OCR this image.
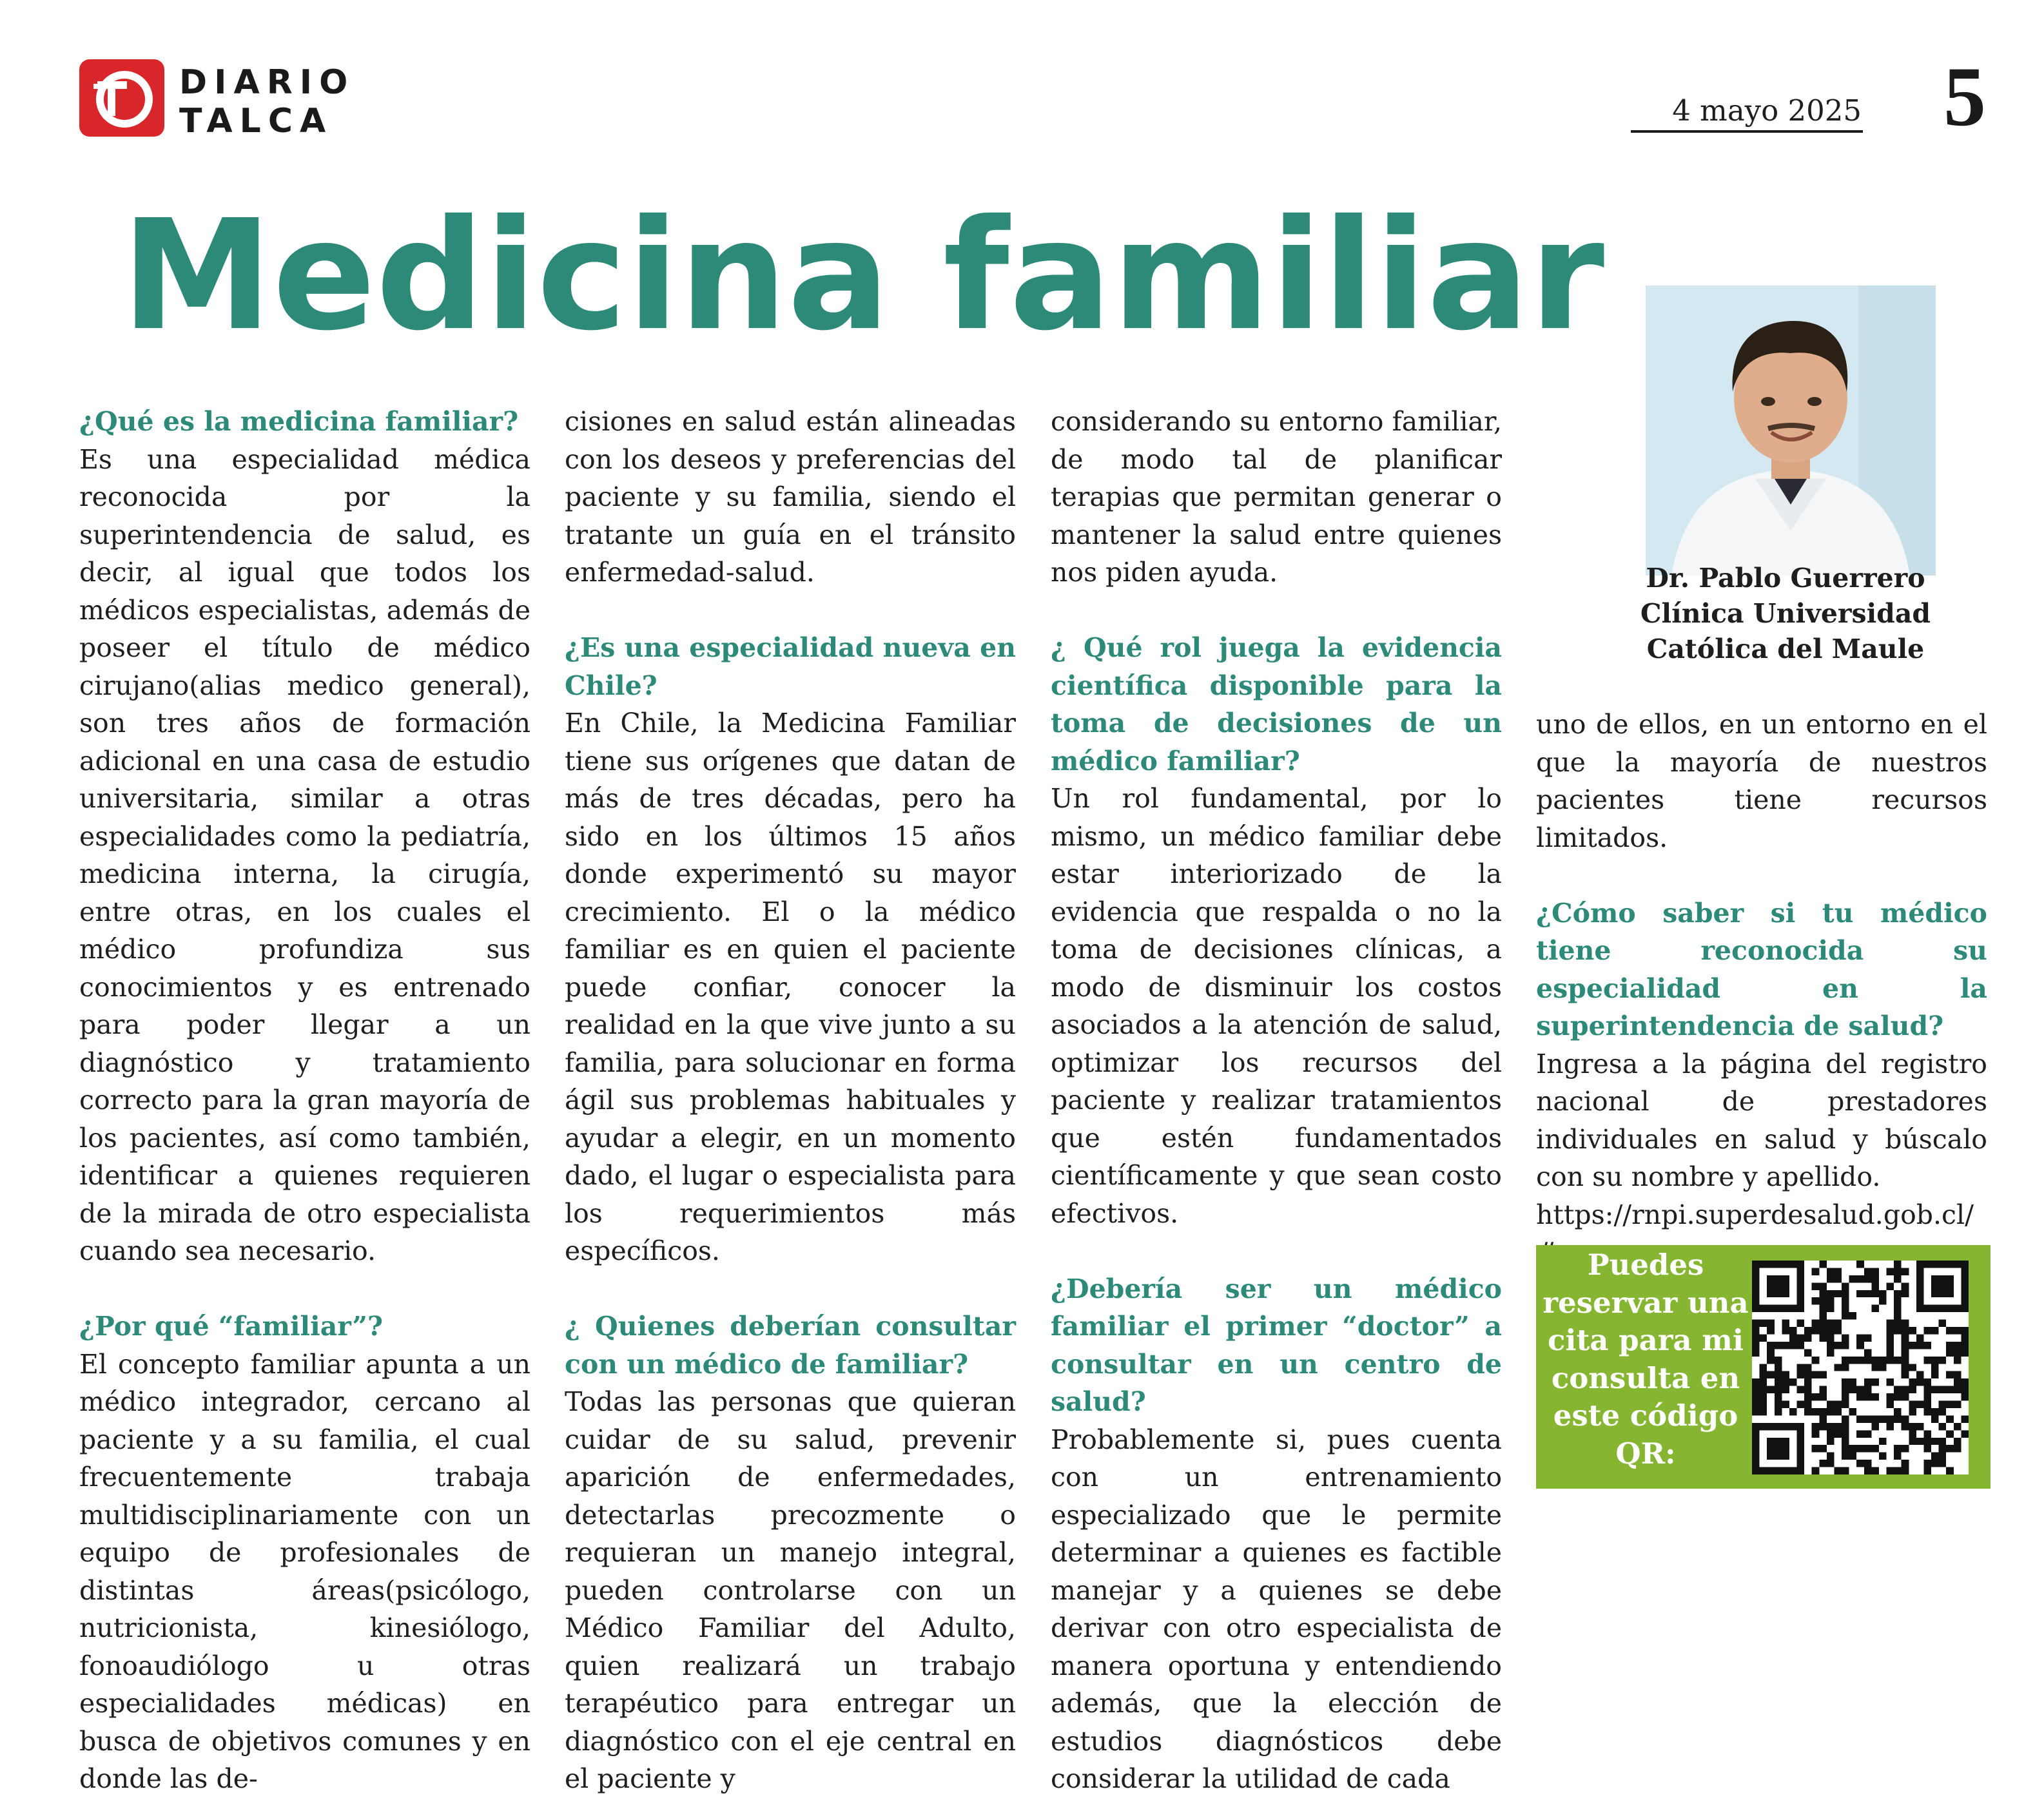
DIARIO
TALCA	4 mayo 2025 5
Medicina familiar
¿Qué es la medicina familiar?

Es una especialidad médica reconocida por la superintendencia de salud, es decir, al igual que todos los médicos especialistas, además de poseer el título de médico cirujano(alias medico general), son tres años de formación adicional en una casa de estudio universitaria, similar a otras especialidades como la pediatría, medicina interna, la cirugía, entre otras, en los cuales el médico profundiza sus conocimientos y es entrenado para poder llegar a un diagnóstico y tratamiento correcto para la gran mayoría de los pacientes, así como también, identificar a quienes requieren de la mirada de otro especialista cuando sea necesario.

¿Por qué “familiar”?

El concepto familiar apunta a un médico integrador, cercano al paciente y a su familia, el cual frecuentemente trabaja multidisciplinariamente con un equipo de profesionales de distintas áreas(psicólogo, nutricionista, kinesiólogo, fonoaudiólogo u otras especialidades médicas) en busca de objetivos comunes y en donde las de-

cisiones en salud están alineadas con los deseos y preferencias del paciente y su familia, siendo el tratante un guía en el tránsito enfermedad-salud.

¿Es una especialidad nueva en Chile?

En Chile, la Medicina Familiar tiene sus orígenes que datan de más de tres décadas, pero ha sido en los últimos 15 años donde experimentó su mayor crecimiento. El o la médico familiar es en quien el paciente puede confiar, conocer la realidad en la que vive junto a su familia, para solucionar en forma ágil sus problemas habituales y ayudar a elegir, en un momento dado, el lugar o especialista para los requerimientos más específicos.

¿ Quienes deberían consultar con un médico de familiar?

Todas las personas que quieran cuidar de su salud, prevenir aparición de enfermedades, detectarlas precozmente o requieran un manejo integral, pueden controlarse con un Médico Familiar del Adulto, quien realizará un trabajo terapéutico para entregar un diagnóstico con el eje central en el paciente y

considerando su entorno familiar, de modo tal de planificar terapias que permitan generar o mantener la salud entre quienes nos piden ayuda.

¿ Qué rol juega la evidencia científica disponible para la toma de decisiones de un médico familiar?

Un rol fundamental, por lo mismo, un médico familiar debe estar interiorizado de la evidencia que respalda o no la toma de decisiones clínicas, a modo de disminuir los costos asociados a la atención de salud, optimizar los recursos del paciente y realizar tratamientos que estén fundamentados científicamente y que sean costo efectivos.

¿Debería ser un médico familiar el primer “doctor” a consultar en un centro de salud?

Probablemente si, pues cuenta con un entrenamiento especializado que le permite determinar a quienes es factible manejar y a quienes se debe derivar con otro especialista de manera oportuna y entendiendo además, que la elección de estudios diagnósticos debe considerar la utilidad de cada

Dr. Pablo Guerrero
Clínica Universidad
Católica del Maule

uno de ellos, en un entorno en el que la mayoría de nuestros pacientes tiene recursos limitados.

¿Cómo saber si tu médico tiene reconocida su especialidad en la superintendencia de salud?

Ingresa a la página del registro nacional de prestadores individuales en salud y búscalo con su nombre y apellido.

https://rnpi.superdesalud.gob.cl/

Puedes reservar una cita para mi consulta en este código QR:
